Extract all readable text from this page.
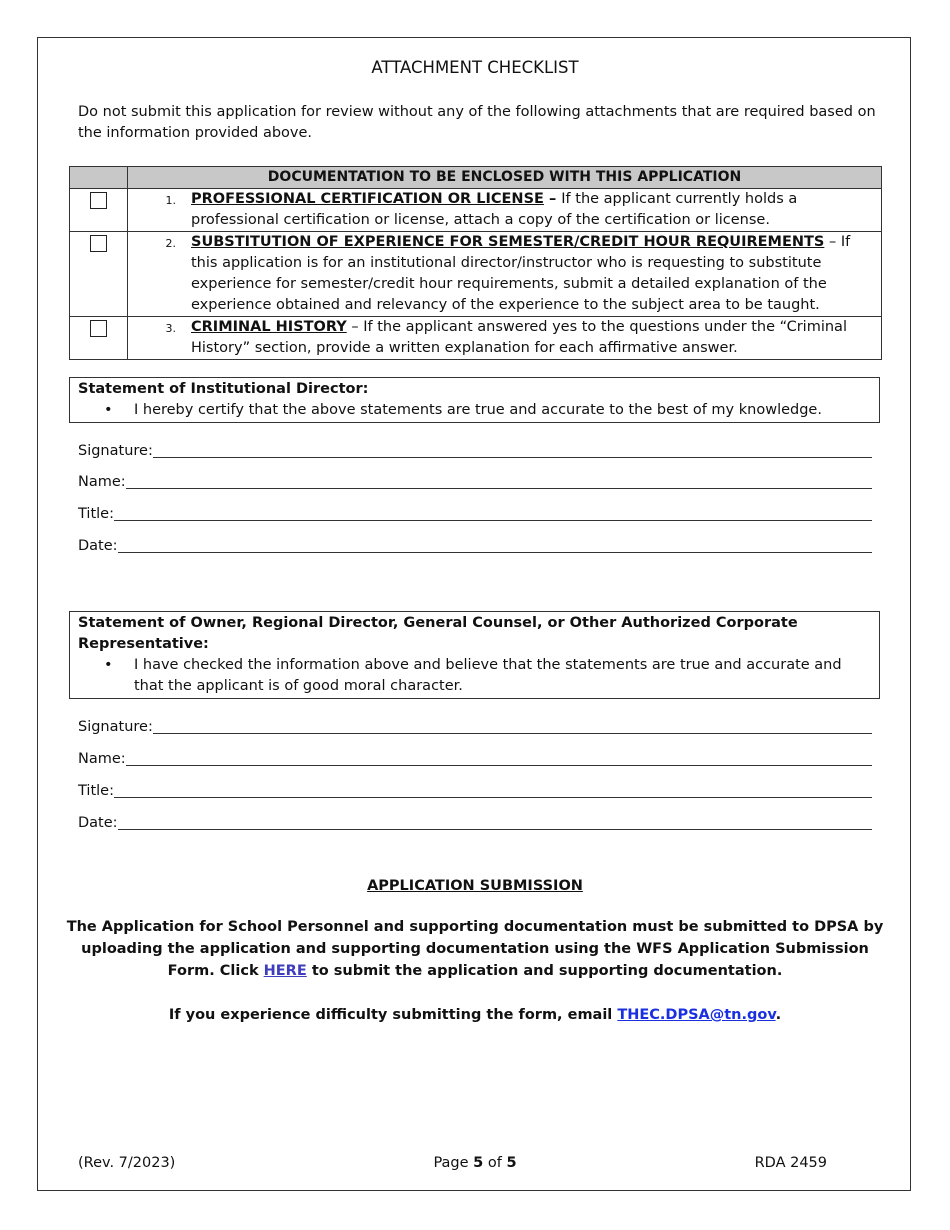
ATTACHMENT CHECKLIST
Do not submit this application for review without any of the following attachments that are required based on the information provided above.
	DOCUMENTATION TO BE ENCLOSED WITH THIS APPLICATION

	1. PROFESSIONAL CERTIFICATION OR LICENSE – If the applicant currently holds a professional certification or license, attach a copy of the certification or license.

	2. SUBSTITUTION OF EXPERIENCE FOR SEMESTER/CREDIT HOUR REQUIREMENTS – If this application is for an institutional director/instructor who is requesting to substitute experience for semester/credit hour requirements, submit a detailed explanation of the experience obtained and relevancy of the experience to the subject area to be taught.

	3. CRIMINAL HISTORY – If the applicant answered yes to the questions under the “Criminal History” section, provide a written explanation for each affirmative answer.
Statement of Institutional Director:
•	I hereby certify that the above statements are true and accurate to the best of my knowledge.
Signature:
Name:
Title:
Date:
Statement of Owner, Regional Director, General Counsel, or Other Authorized Corporate Representative:
•	I have checked the information above and believe that the statements are true and accurate and that the applicant is of good moral character.
Signature:
Name:
Title:
Date:
APPLICATION SUBMISSION
The Application for School Personnel and supporting documentation must be submitted to DPSA by uploading the application and supporting documentation using the WFS Application Submission Form. Click HERE to submit the application and supporting documentation.
If you experience difficulty submitting the form, email THEC.DPSA@tn.gov.
(Rev. 7/2023)	Page 5 of 5	RDA 2459
